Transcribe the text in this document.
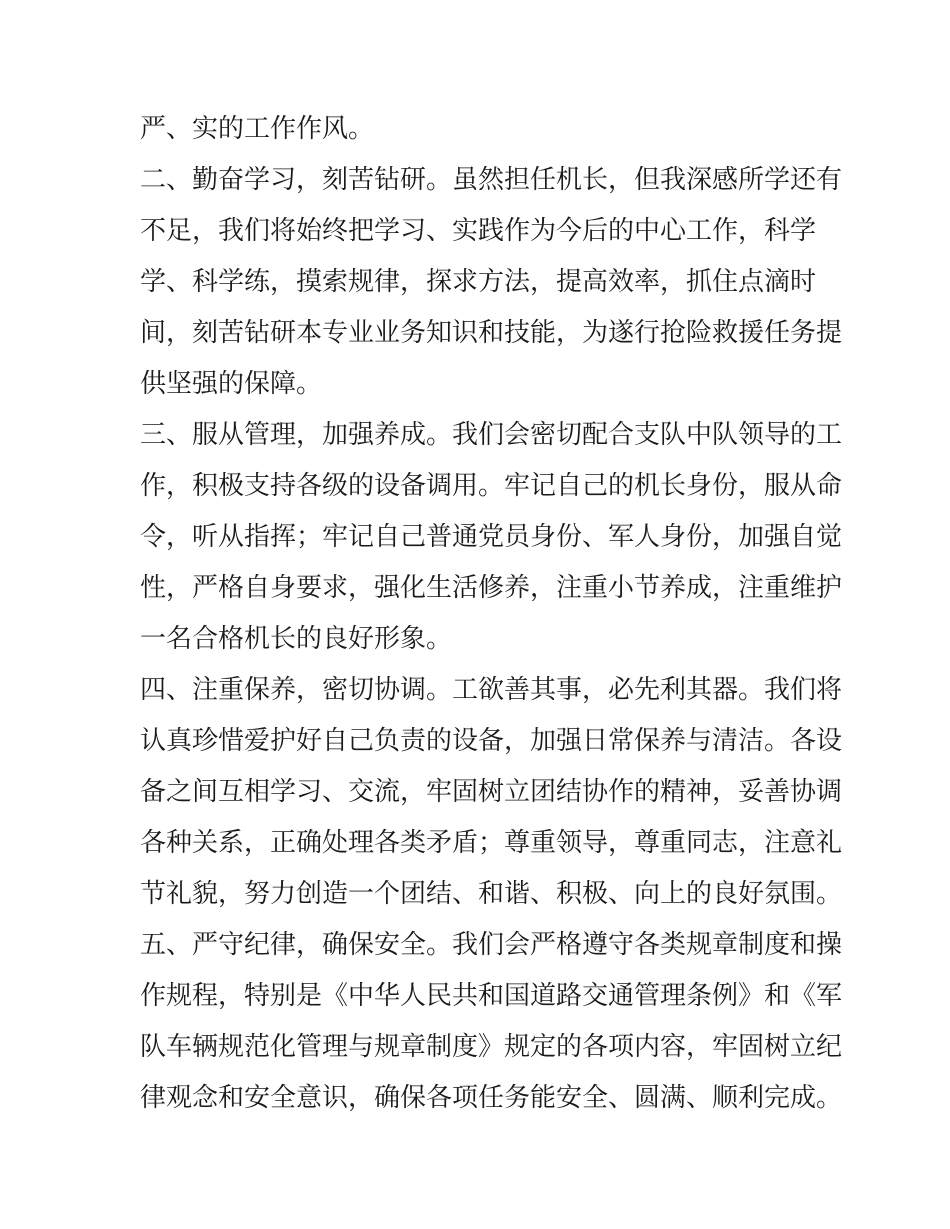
严、实的工作作风。
二、勤奋学习，刻苦钻研。虽然担任机长，但我深感所学还有
不足，我们将始终把学习、实践作为今后的中心工作，科学
学、科学练，摸索规律，探求方法，提高效率，抓住点滴时
间，刻苦钻研本专业业务知识和技能，为遂行抢险救援任务提
供坚强的保障。
三、服从管理，加强养成。我们会密切配合支队中队领导的工
作，积极支持各级的设备调用。牢记自己的机长身份，服从命
令，听从指挥；牢记自己普通党员身份、军人身份，加强自觉
性，严格自身要求，强化生活修养，注重小节养成，注重维护
一名合格机长的良好形象。
四、注重保养，密切协调。工欲善其事，必先利其器。我们将
认真珍惜爱护好自己负责的设备，加强日常保养与清洁。各设
备之间互相学习、交流，牢固树立团结协作的精神，妥善协调
各种关系，正确处理各类矛盾；尊重领导，尊重同志，注意礼
节礼貌，努力创造一个团结、和谐、积极、向上的良好氛围。
五、严守纪律，确保安全。我们会严格遵守各类规章制度和操
作规程，特别是《中华人民共和国道路交通管理条例》和《军
队车辆规范化管理与规章制度》规定的各项内容，牢固树立纪
律观念和安全意识，确保各项任务能安全、圆满、顺利完成。
